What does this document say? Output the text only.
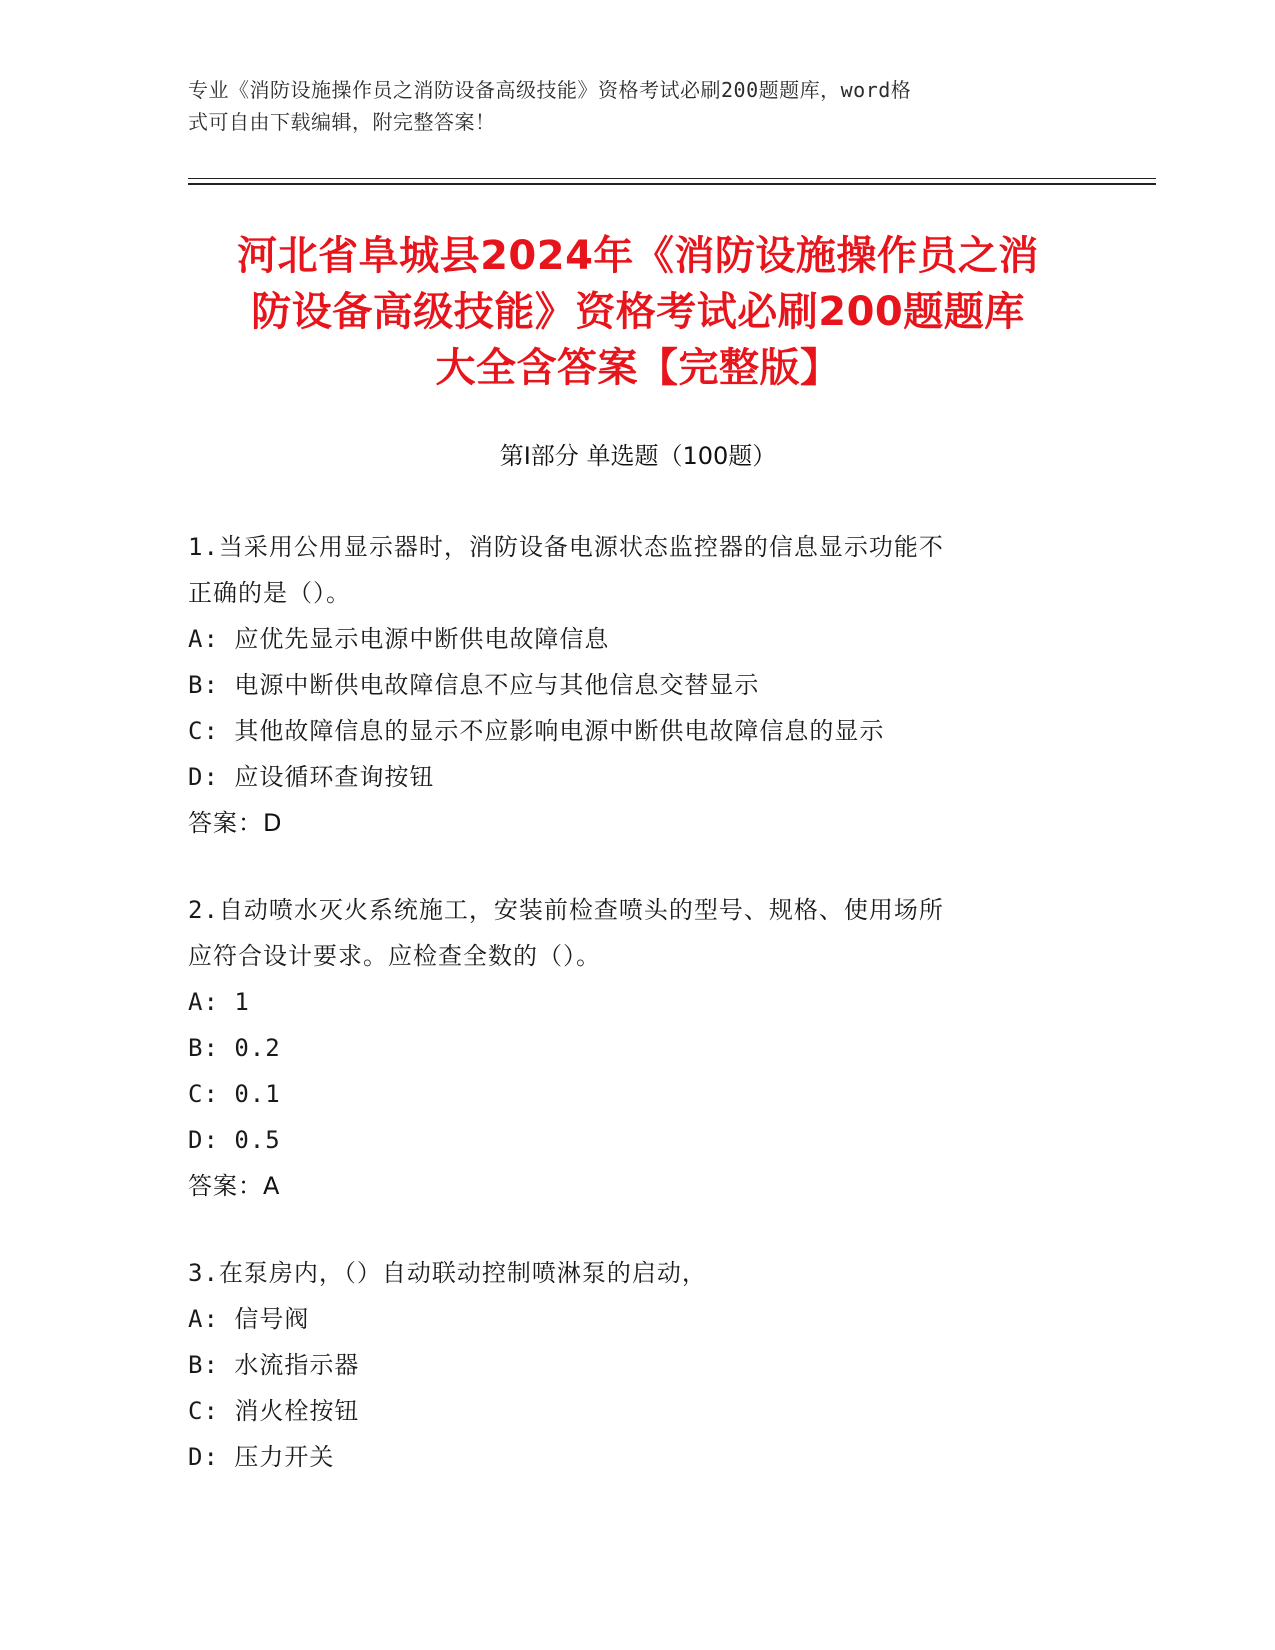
专业《消防设施操作员之消防设备高级技能》资格考试必刷200题题库，word格
式可自由下载编辑，附完整答案！
河北省阜城县2024年《消防设施操作员之消
防设备高级技能》资格考试必刷200题题库
大全含答案【完整版】
第I部分 单选题（100题）
1.当采用公用显示器时，消防设备电源状态监控器的信息显示功能不
正确的是（）。
A: 应优先显示电源中断供电故障信息
B: 电源中断供电故障信息不应与其他信息交替显示
C: 其他故障信息的显示不应影响电源中断供电故障信息的显示
D: 应设循环查询按钮
答案：D
2.自动喷水灭火系统施工，安装前检查喷头的型号、规格、使用场所
应符合设计要求。应检查全数的（）。
A: 1
B: 0.2
C: 0.1
D: 0.5
答案：A
3.在泵房内，（）自动联动控制喷淋泵的启动，
A: 信号阀
B: 水流指示器
C: 消火栓按钮
D: 压力开关
